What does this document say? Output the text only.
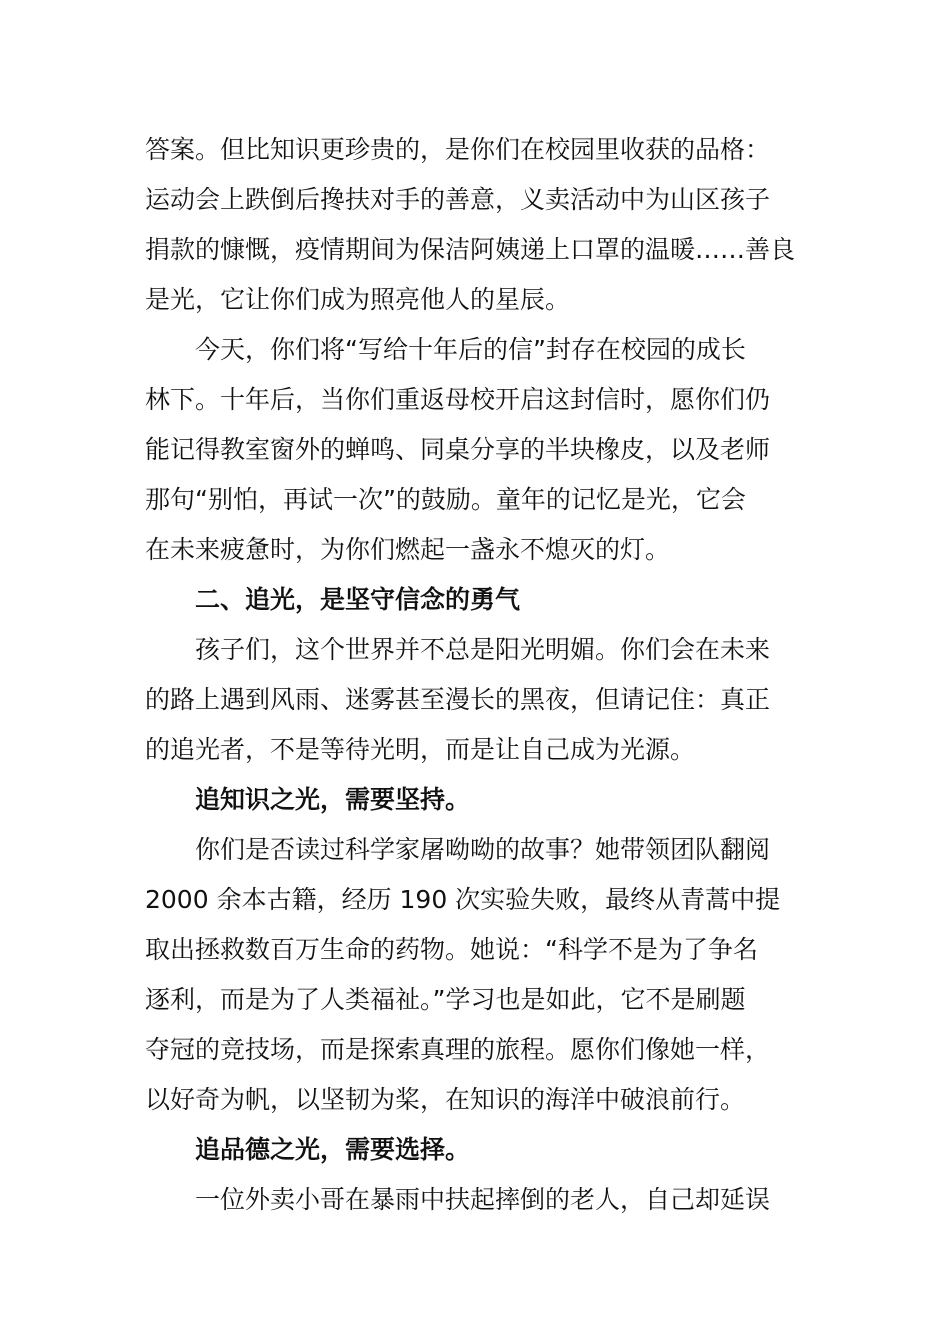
答案。但比知识更珍贵的，是你们在校园里收获的品格：
运动会上跌倒后搀扶对手的善意，义卖活动中为山区孩子
捐款的慷慨，疫情期间为保洁阿姨递上口罩的温暖……善良
是光，它让你们成为照亮他人的星辰。
今天，你们将“写给十年后的信”封存在校园的成长
林下。十年后，当你们重返母校开启这封信时，愿你们仍
能记得教室窗外的蝉鸣、同桌分享的半块橡皮，以及老师
那句“别怕，再试一次”的鼓励。童年的记忆是光，它会
在未来疲惫时，为你们燃起一盏永不熄灭的灯。
二、追光，是坚守信念的勇气
孩子们，这个世界并不总是阳光明媚。你们会在未来
的路上遇到风雨、迷雾甚至漫长的黑夜，但请记住：真正
的追光者，不是等待光明，而是让自己成为光源。
追知识之光，需要坚持。
你们是否读过科学家屠呦呦的故事？她带领团队翻阅
2000 余本古籍，经历 190 次实验失败，最终从青蒿中提
取出拯救数百万生命的药物。她说：“科学不是为了争名
逐利，而是为了人类福祉。”学习也是如此，它不是刷题
夺冠的竞技场，而是探索真理的旅程。愿你们像她一样，
以好奇为帆，以坚韧为桨，在知识的海洋中破浪前行。
追品德之光，需要选择。
一位外卖小哥在暴雨中扶起摔倒的老人，自己却延误
